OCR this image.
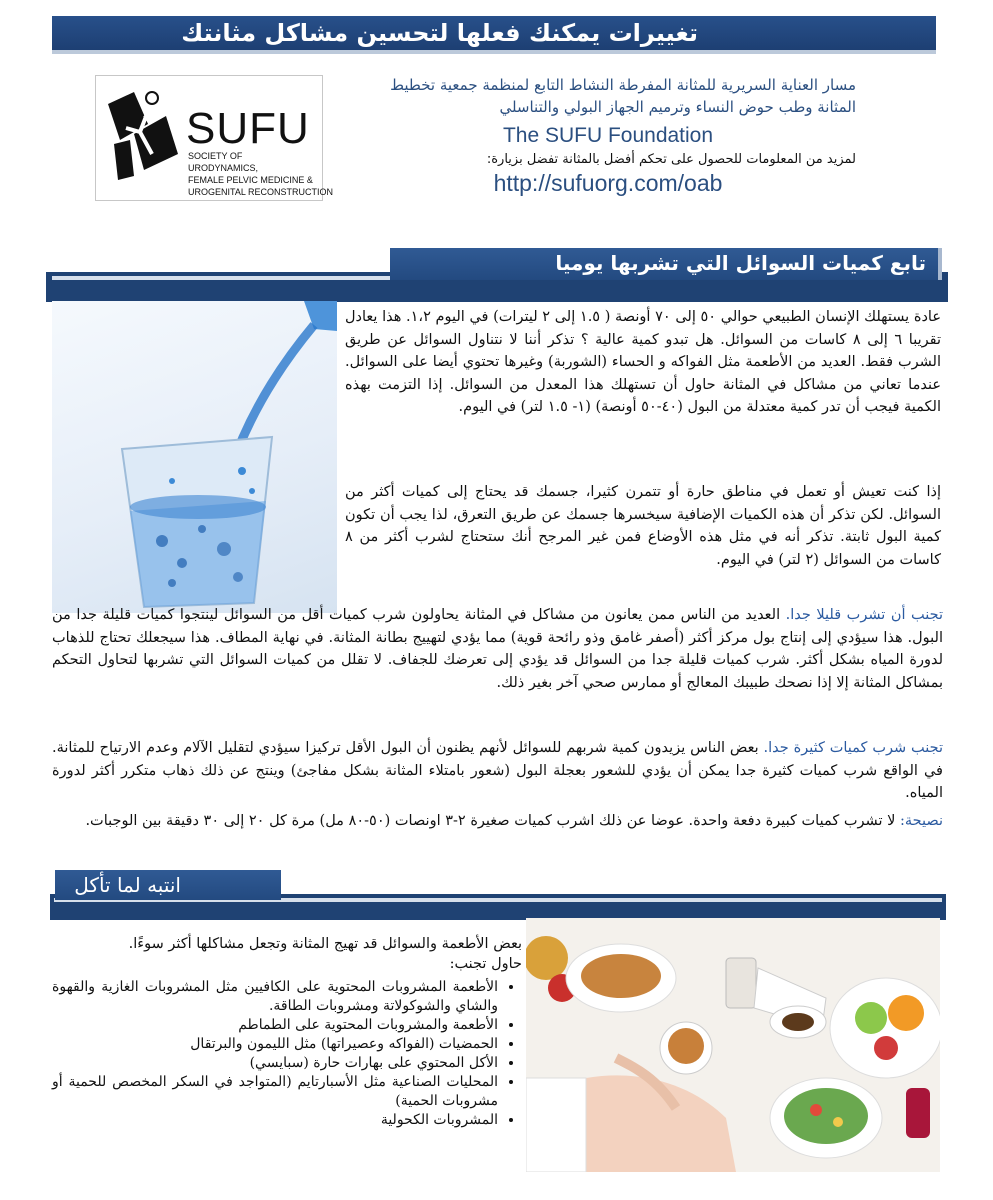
تغييرات يمكنك فعلها لتحسين مشاكل مثانتك
SUFU
SOCIETY OF
URODYNAMICS,
FEMALE PELVIC MEDICINE &
UROGENITAL RECONSTRUCTION
مسار العناية السريرية للمثانة المفرطة النشاط التابع لمنظمة جمعية تخطيط المثانة وطب حوض النساء وترميم الجهاز البولي والتناسلي
The SUFU Foundation
لمزيد من المعلومات للحصول على تحكم أفضل بالمثانة تفضل بزيارة:
http://sufuorg.com/oab
تابع كميات السوائل التي تشربها يوميا
عادة يستهلك الإنسان الطبيعي حوالي ٥٠ إلى ٧٠ أونصة ( ١.٥ إلى ٢ ليترات) في اليوم ١،٢. هذا يعادل تقريبا ٦ إلى ٨ كاسات من السوائل. هل تبدو كمية عالية ؟ تذكر أننا لا نتناول السوائل عن طريق الشرب فقط. العديد من الأطعمة مثل الفواكه و الحساء (الشوربة) وغيرها تحتوي أيضا على السوائل. عندما تعاني من مشاكل في المثانة حاول أن تستهلك هذا المعدل من السوائل. إذا التزمت بهذه الكمية فيجب أن تدر كمية معتدلة من البول (٤٠-٥٠ أونصة) (١- ١.٥ لتر) في اليوم.
إذا كنت تعيش أو تعمل في مناطق حارة أو تتمرن كثيرا، جسمك قد يحتاج إلى كميات أكثر من السوائل. لكن تذكر أن هذه الكميات الإضافية سيخسرها جسمك عن طريق التعرق، لذا يجب أن تكون كمية البول ثابتة. تذكر أنه في مثل هذه الأوضاع فمن غير المرجح أنك ستحتاج لشرب أكثر من ٨ كاسات من السوائل (٢ لتر) في اليوم.
تجنب أن تشرب قليلا جدا. العديد من الناس ممن يعانون من مشاكل في المثانة يحاولون شرب كميات أقل من السوائل لينتجوا كميات قليلة جدا من البول. هذا سيؤدي إلى إنتاج بول مركز أكثر (أصفر غامق وذو رائحة قوية) مما يؤدي لتهييج بطانة المثانة. في نهاية المطاف. هذا سيجعلك تحتاج للذهاب لدورة المياه بشكل أكثر. شرب كميات قليلة جدا من السوائل قد يؤدي إلى تعرضك للجفاف. لا تقلل من كميات السوائل التي تشربها لتحاول التحكم بمشاكل المثانة إلا إذا نصحك طبيبك المعالج أو ممارس صحي آخر بغير ذلك.
تجنب شرب كميات كثيرة جدا. بعض الناس يزيدون كمية شربهم للسوائل لأنهم يظنون أن البول الأقل تركيزا سيؤدي لتقليل الآلام وعدم الارتياح للمثانة. في الواقع شرب كميات كثيرة جدا يمكن أن يؤدي للشعور بعجلة البول (شعور بامتلاء المثانة بشكل مفاجئ) وينتج عن ذلك ذهاب متكرر أكثر لدورة المياه.
نصيحة: لا تشرب كميات كبيرة دفعة واحدة. عوضا عن ذلك اشرب كميات صغيرة ٢-٣ اونصات (٥٠-٨٠ مل) مرة كل ٢٠ إلى ٣٠ دقيقة بين الوجبات.
انتبه لما تأكل
بعض الأطعمة والسوائل قد تهيج المثانة وتجعل مشاكلها أكثر سوءًا.
حاول تجنب:
• الأطعمة المشروبات المحتوية على الكافيين مثل المشروبات الغازية والقهوة والشاي والشوكولاتة ومشروبات الطاقة.
• الأطعمة والمشروبات المحتوية على الطماطم
• الحمضيات (الفواكه وعصيراتها) مثل الليمون والبرتقال
• الأكل المحتوي على بهارات حارة (سبايسي)
• المحليات الصناعية مثل الأسبارتايم (المتواجد في السكر المخصص للحمية أو مشروبات الحمية)
• المشروبات الكحولية
